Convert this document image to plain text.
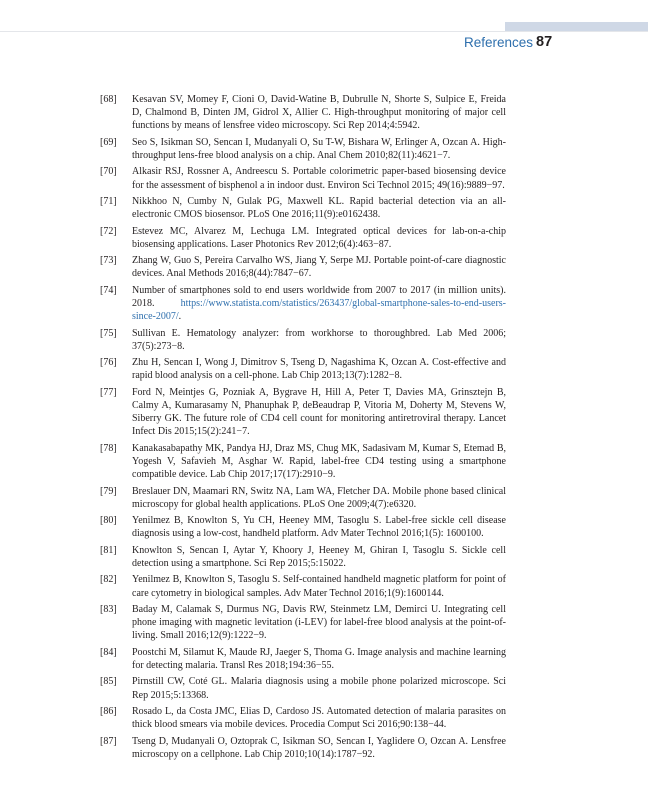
References 87
[68]	Kesavan SV, Momey F, Cioni O, David-Watine B, Dubrulle N, Shorte S, Sulpice E, Freida D, Chalmond B, Dinten JM, Gidrol X, Allier C. High-throughput monitoring of major cell functions by means of lensfree video microscopy. Sci Rep 2014;4:5942.
[69]	Seo S, Isikman SO, Sencan I, Mudanyali O, Su T-W, Bishara W, Erlinger A, Ozcan A. High-throughput lens-free blood analysis on a chip. Anal Chem 2010;82(11):4621−7.
[70]	Alkasir RSJ, Rossner A, Andreescu S. Portable colorimetric paper-based biosensing device for the assessment of bisphenol a in indoor dust. Environ Sci Technol 2015; 49(16):9889−97.
[71]	Nikkhoo N, Cumby N, Gulak PG, Maxwell KL. Rapid bacterial detection via an all-electronic CMOS biosensor. PLoS One 2016;11(9):e0162438.
[72]	Estevez MC, Alvarez M, Lechuga LM. Integrated optical devices for lab-on-a-chip biosensing applications. Laser Photonics Rev 2012;6(4):463−87.
[73]	Zhang W, Guo S, Pereira Carvalho WS, Jiang Y, Serpe MJ. Portable point-of-care diagnostic devices. Anal Methods 2016;8(44):7847−67.
[74]	Number of smartphones sold to end users worldwide from 2007 to 2017 (in million units). 2018.	https://www.statista.com/statistics/263437/global-smartphone-sales-to-end-users-since-2007/.
[75]	Sullivan E. Hematology analyzer: from workhorse to thoroughbred. Lab Med 2006; 37(5):273−8.
[76]	Zhu H, Sencan I, Wong J, Dimitrov S, Tseng D, Nagashima K, Ozcan A. Cost-effective and rapid blood analysis on a cell-phone. Lab Chip 2013;13(7):1282−8.
[77]	Ford N, Meintjes G, Pozniak A, Bygrave H, Hill A, Peter T, Davies MA, Grinsztejn B, Calmy A, Kumarasamy N, Phanuphak P, deBeaudrap P, Vitoria M, Doherty M, Stevens W, Siberry GK. The future role of CD4 cell count for monitoring antiretroviral therapy. Lancet Infect Dis 2015;15(2):241−7.
[78]	Kanakasabapathy MK, Pandya HJ, Draz MS, Chug MK, Sadasivam M, Kumar S, Etemad B, Yogesh V, Safavieh M, Asghar W. Rapid, label-free CD4 testing using a smartphone compatible device. Lab Chip 2017;17(17):2910−9.
[79]	Breslauer DN, Maamari RN, Switz NA, Lam WA, Fletcher DA. Mobile phone based clinical microscopy for global health applications. PLoS One 2009;4(7):e6320.
[80]	Yenilmez B, Knowlton S, Yu CH, Heeney MM, Tasoglu S. Label-free sickle cell disease diagnosis using a low-cost, handheld platform. Adv Mater Technol 2016;1(5): 1600100.
[81]	Knowlton S, Sencan I, Aytar Y, Khoory J, Heeney M, Ghiran I, Tasoglu S. Sickle cell detection using a smartphone. Sci Rep 2015;5:15022.
[82]	Yenilmez B, Knowlton S, Tasoglu S. Self-contained handheld magnetic platform for point of care cytometry in biological samples. Adv Mater Technol 2016;1(9):1600144.
[83]	Baday M, Calamak S, Durmus NG, Davis RW, Steinmetz LM, Demirci U. Integrating cell phone imaging with magnetic levitation (i-LEV) for label-free blood analysis at the point-of-living. Small 2016;12(9):1222−9.
[84]	Poostchi M, Silamut K, Maude RJ, Jaeger S, Thoma G. Image analysis and machine learning for detecting malaria. Transl Res 2018;194:36−55.
[85]	Pirnstill CW, Coté GL. Malaria diagnosis using a mobile phone polarized microscope. Sci Rep 2015;5:13368.
[86]	Rosado L, da Costa JMC, Elias D, Cardoso JS. Automated detection of malaria parasites on thick blood smears via mobile devices. Procedia Comput Sci 2016;90:138−44.
[87]	Tseng D, Mudanyali O, Oztoprak C, Isikman SO, Sencan I, Yaglidere O, Ozcan A. Lensfree microscopy on a cellphone. Lab Chip 2010;10(14):1787−92.
